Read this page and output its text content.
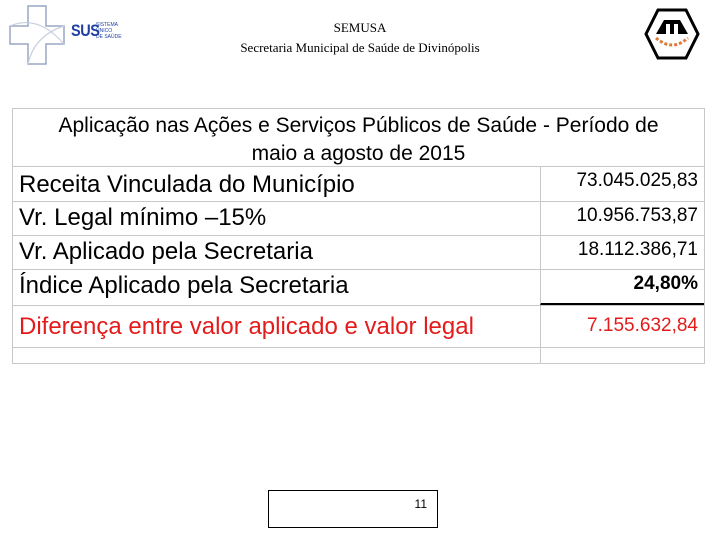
SUS
SISTEMA
ÚNICO
DE SAÚDE
SEMUSA
Secretaria Municipal de Saúde de Divinópolis
Aplicação nas Ações e Serviços Públicos de Saúde - Período de
maio a agosto de 2015
Receita Vinculada do Município	73.045.025,83
Vr. Legal mínimo –15%	10.956.753,87
Vr. Aplicado pela Secretaria	18.112.386,71
Índice Aplicado pela Secretaria	24,80%
Diferença entre valor aplicado e valor legal	7.155.632,84
11
